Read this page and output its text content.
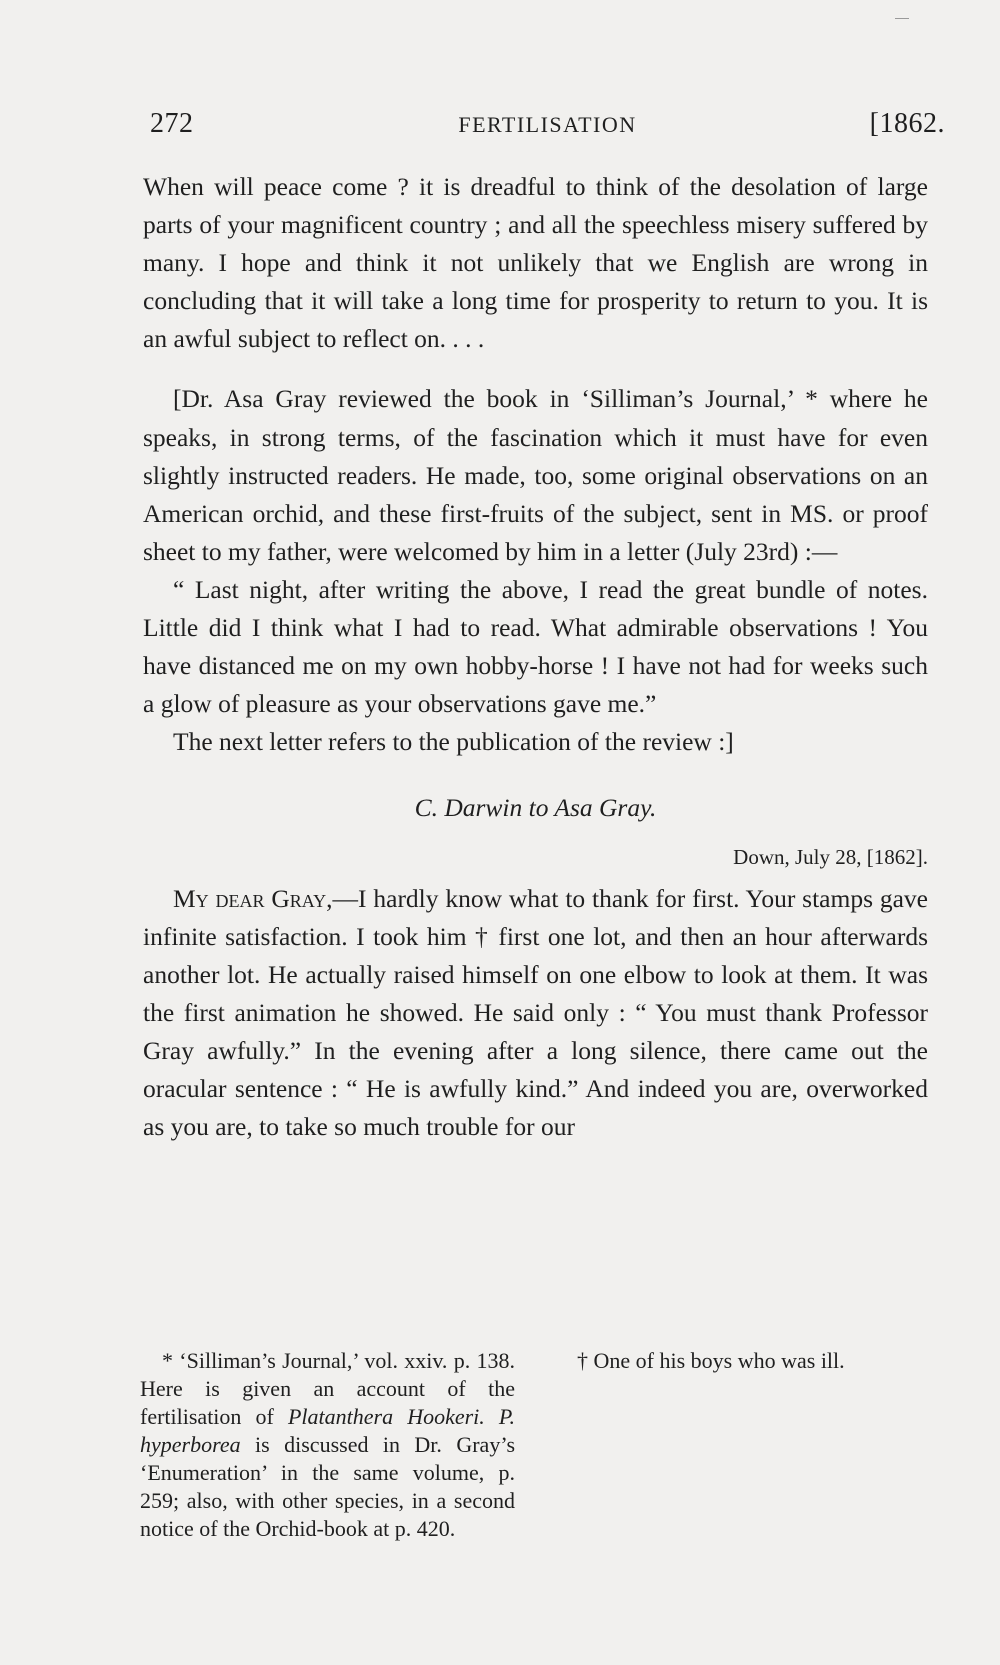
272	FERTILISATION	[1862.

When will peace come ? it is dreadful to think of the desolation of large parts of your magnificent country ; and all the speechless misery suffered by many. I hope and think it not unlikely that we English are wrong in concluding that it will take a long time for prosperity to return to you. It is an awful subject to reflect on. . . .

[Dr. Asa Gray reviewed the book in ‘Silliman’s Journal,’ * where he speaks, in strong terms, of the fascination which it must have for even slightly instructed readers. He made, too, some original observations on an American orchid, and these first-fruits of the subject, sent in MS. or proof sheet to my father, were welcomed by him in a letter (July 23rd) :—

“ Last night, after writing the above, I read the great bundle of notes. Little did I think what I had to read. What admirable observations ! You have distanced me on my own hobby-horse ! I have not had for weeks such a glow of pleasure as your observations gave me.”

The next letter refers to the publication of the review :]

C. Darwin to Asa Gray.

Down, July 28, [1862].

My dear Gray,—I hardly know what to thank for first. Your stamps gave infinite satisfaction. I took him † first one lot, and then an hour afterwards another lot. He actually raised himself on one elbow to look at them. It was the first animation he showed. He said only : “ You must thank Professor Gray awfully.” In the evening after a long silence, there came out the oracular sentence : “ He is awfully kind.” And indeed you are, overworked as you are, to take so much trouble for our

* ‘Silliman’s Journal,’ vol. xxiv. p. 138. Here is given an account of the fertilisation of Platanthera Hookeri. P. hyperborea is discussed in Dr. Gray’s ‘Enumeration’ in the same volume, p. 259; also, with other species, in a second notice of the Orchid-book at p. 420.

† One of his boys who was ill.
